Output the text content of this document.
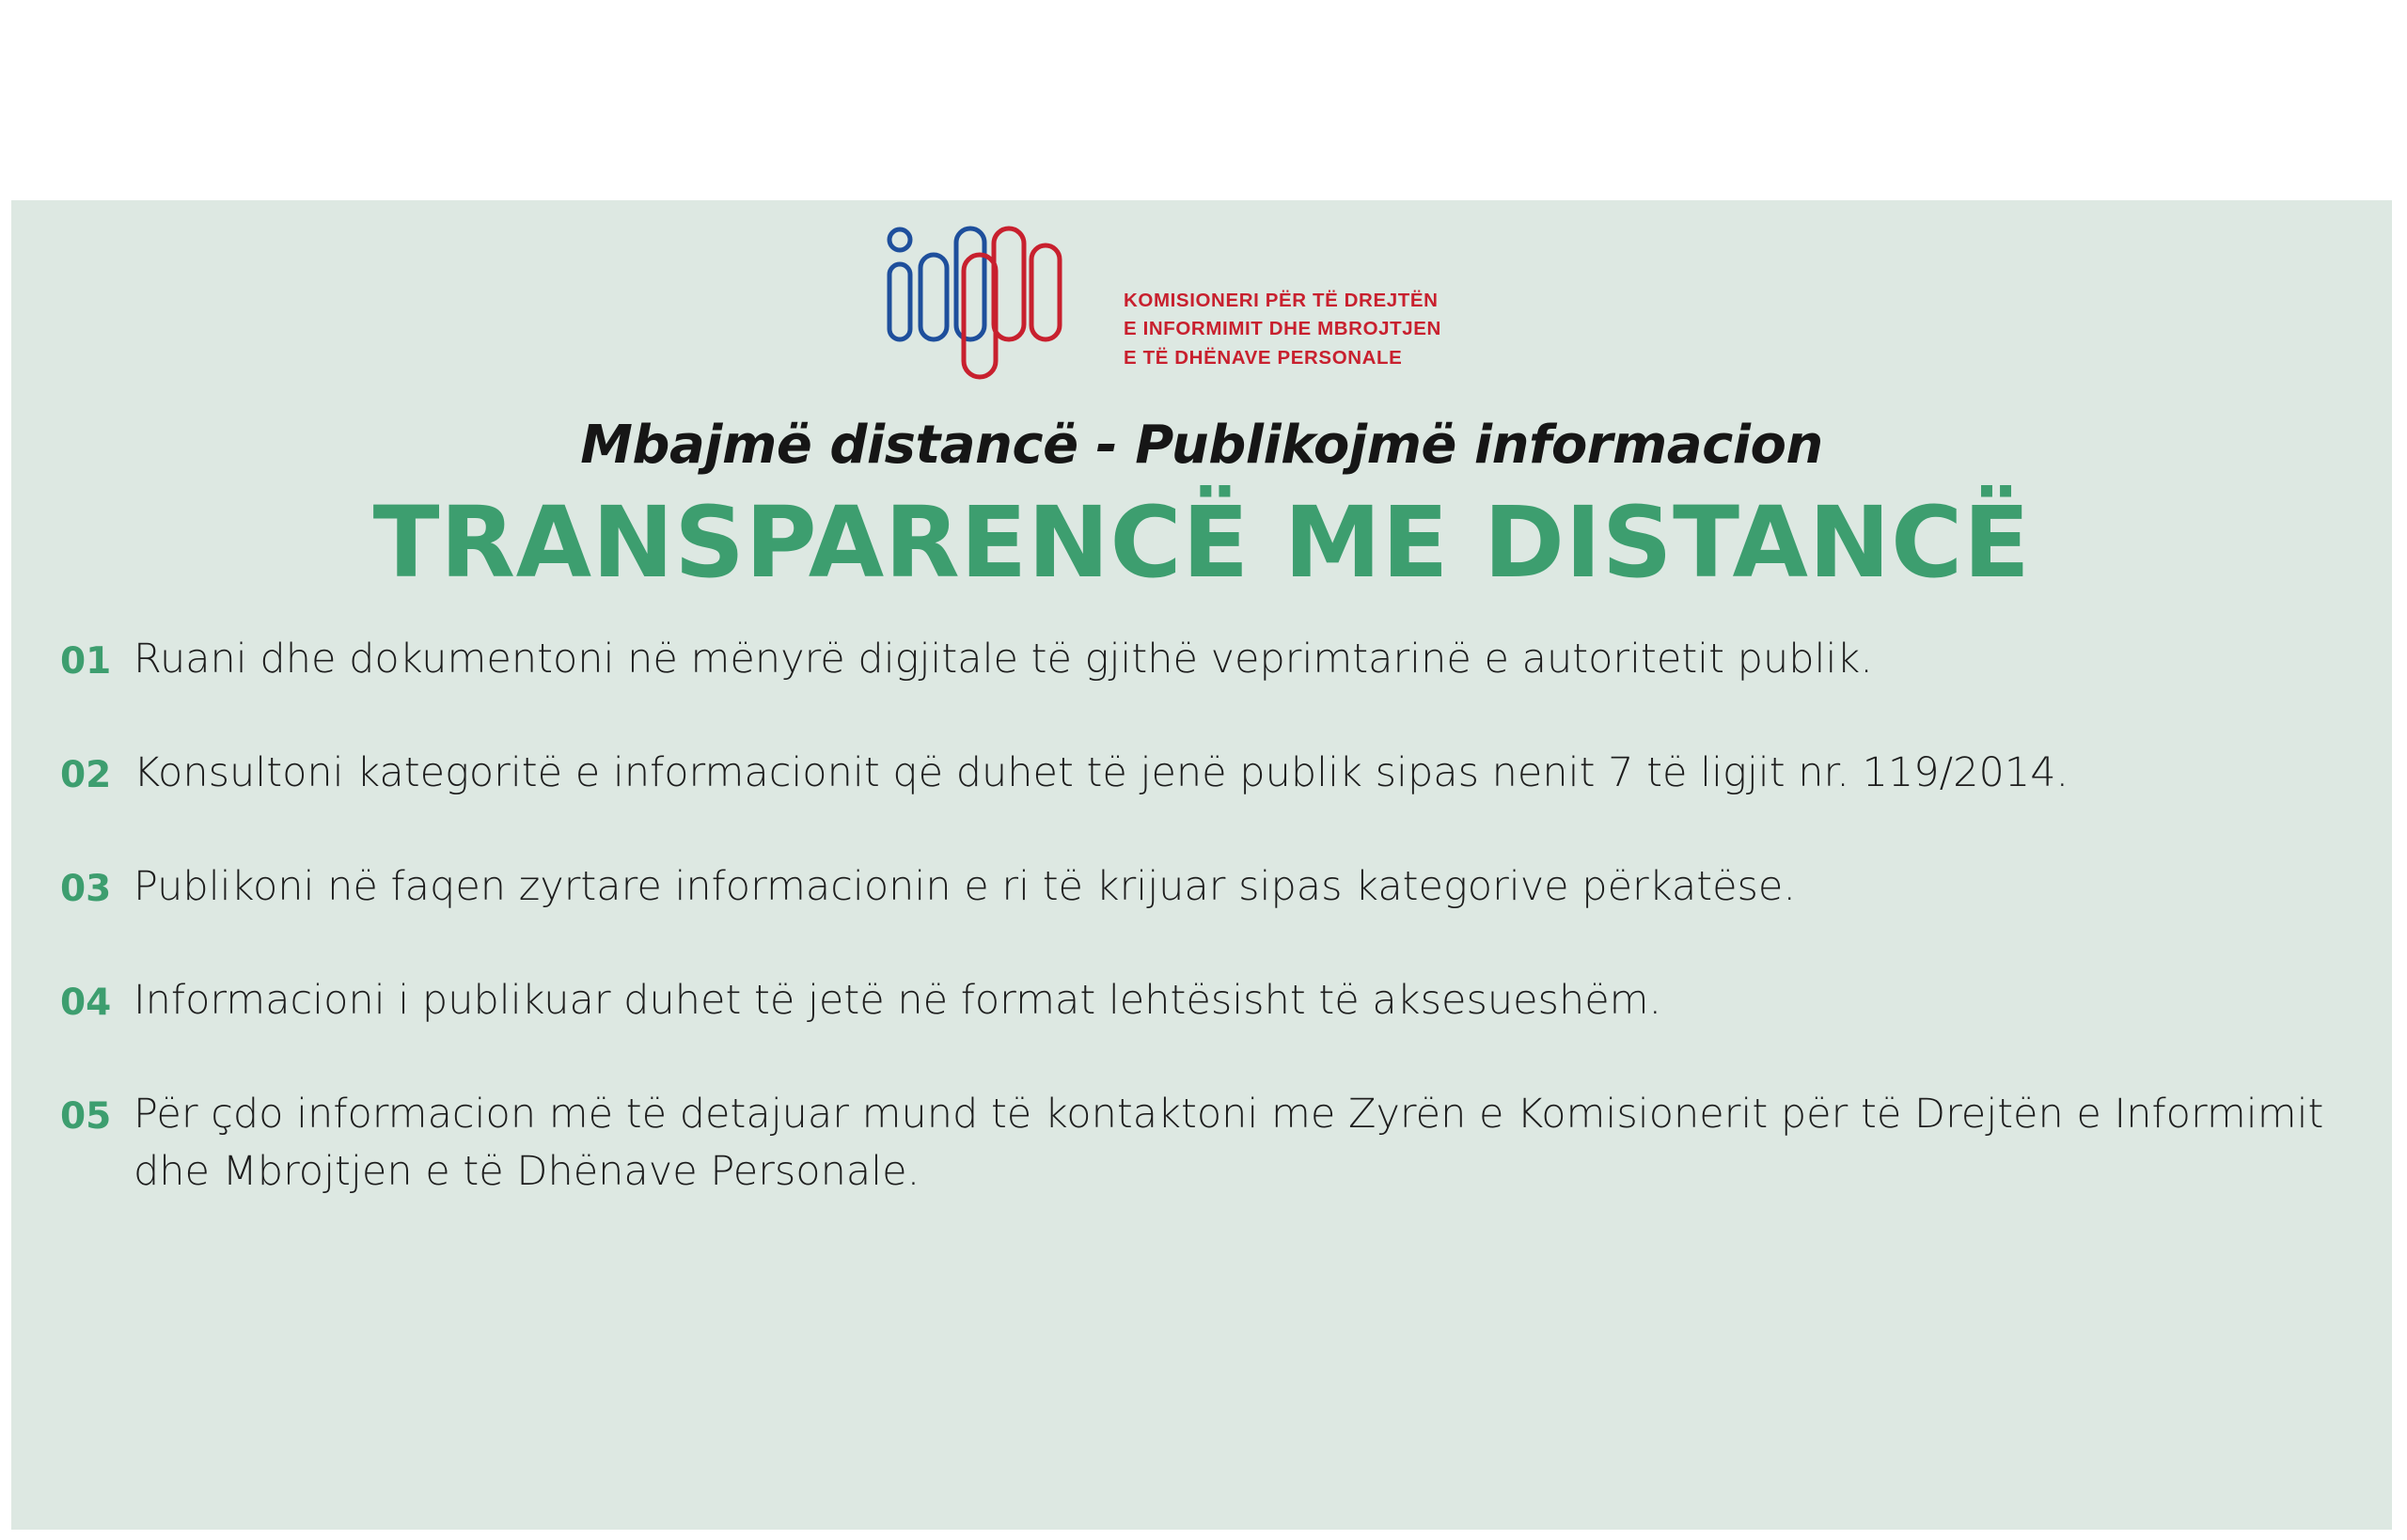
KOMISIONERI PËR TË DREJTËN
E INFORMIMIT DHE MBROJTJEN
E TË DHËNAVE PERSONALE
Mbajmë distancë - Publikojmë informacion
TRANSPARENCË ME DISTANCË
01 Ruani dhe dokumentoni në mënyrë digjitale të gjithë veprimtarinë e autoritetit publik.
02 Konsultoni kategoritë e informacionit që duhet të jenë publik sipas nenit 7 të ligjit nr. 119/2014.
03 Publikoni në faqen zyrtare informacionin e ri të krijuar sipas kategorive përkatëse.
04 Informacioni i publikuar duhet të jetë në format lehtësisht të aksesueshëm.
05 Për çdo informacion më të detajuar mund të kontaktoni me Zyrën e Komisionerit për të Drejtën e Informimit dhe Mbrojtjen e të Dhënave Personale.
